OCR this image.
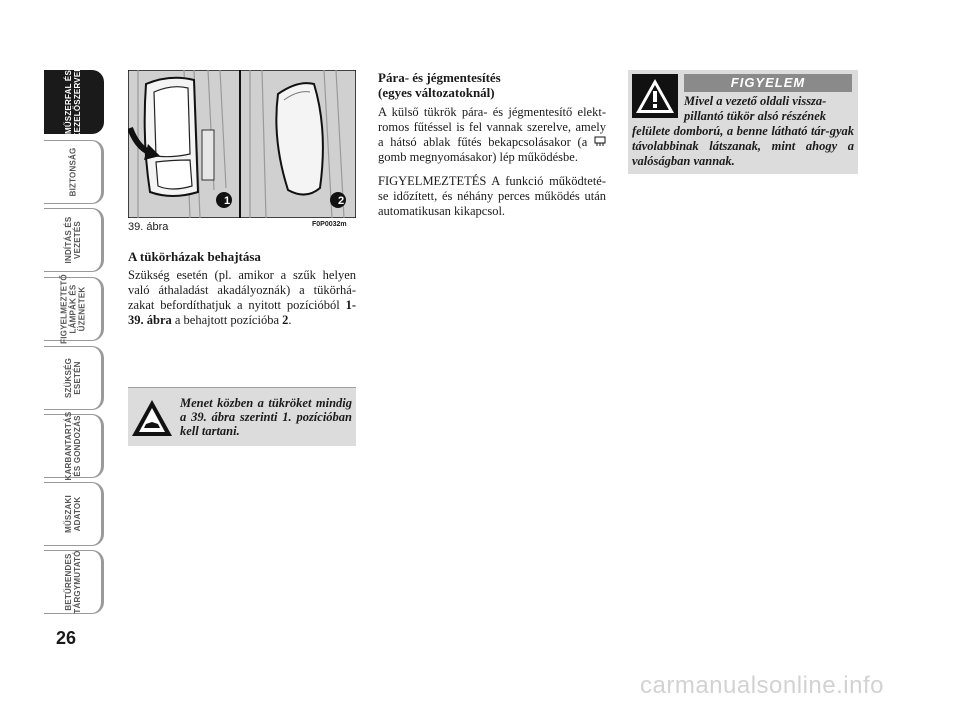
MŰSZERFAL ÉS
KEZELŐSZERVEK
BIZTONSÁG
INDÍTÁS ÉS
VEZETÉS
FIGYELMEZTETŐ
LÁMPÁK ÉS
ÜZENETEK
SZÜKSÉG
ESETÉN
KARBANTARTÁS
ÉS GONDOZÁS
MŰSZAKI
ADATOK
BETŰRENDES
TÁRGYMUTATÓ
26
39. ábra	F0P0032m
A tükörházak behajtása
Szükség esetén (pl. amikor a szűk helyen való áthaladást akadályoznák) a tükörhá-zakat befordíthatjuk a nyitott pozícióból 1-39. ábra a behajtott pozícióba 2.
Menet közben a tükröket mindig a 39. ábra szerinti 1. pozícióban kell tartani.
Pára- és jégmentesítés
(egyes változatoknál)
A külső tükrök pára- és jégmentesítő elekt-romos fűtéssel is fel vannak szerelve, amely a hátsó ablak fűtés bekapcsolásakor (a  gomb megnyomásakor) lép működésbe.
FIGYELMEZTETÉS A funkció működteté-se időzített, és néhány perces működés után automatikusan kikapcsol.
FIGYELEM
Mivel a vezető oldali vissza-
pillantó tükör alsó részének
felülete domború, a benne látható tár-gyak távolabbinak látszanak, mint ahogy a valóságban vannak.
carmanualsonline.info
